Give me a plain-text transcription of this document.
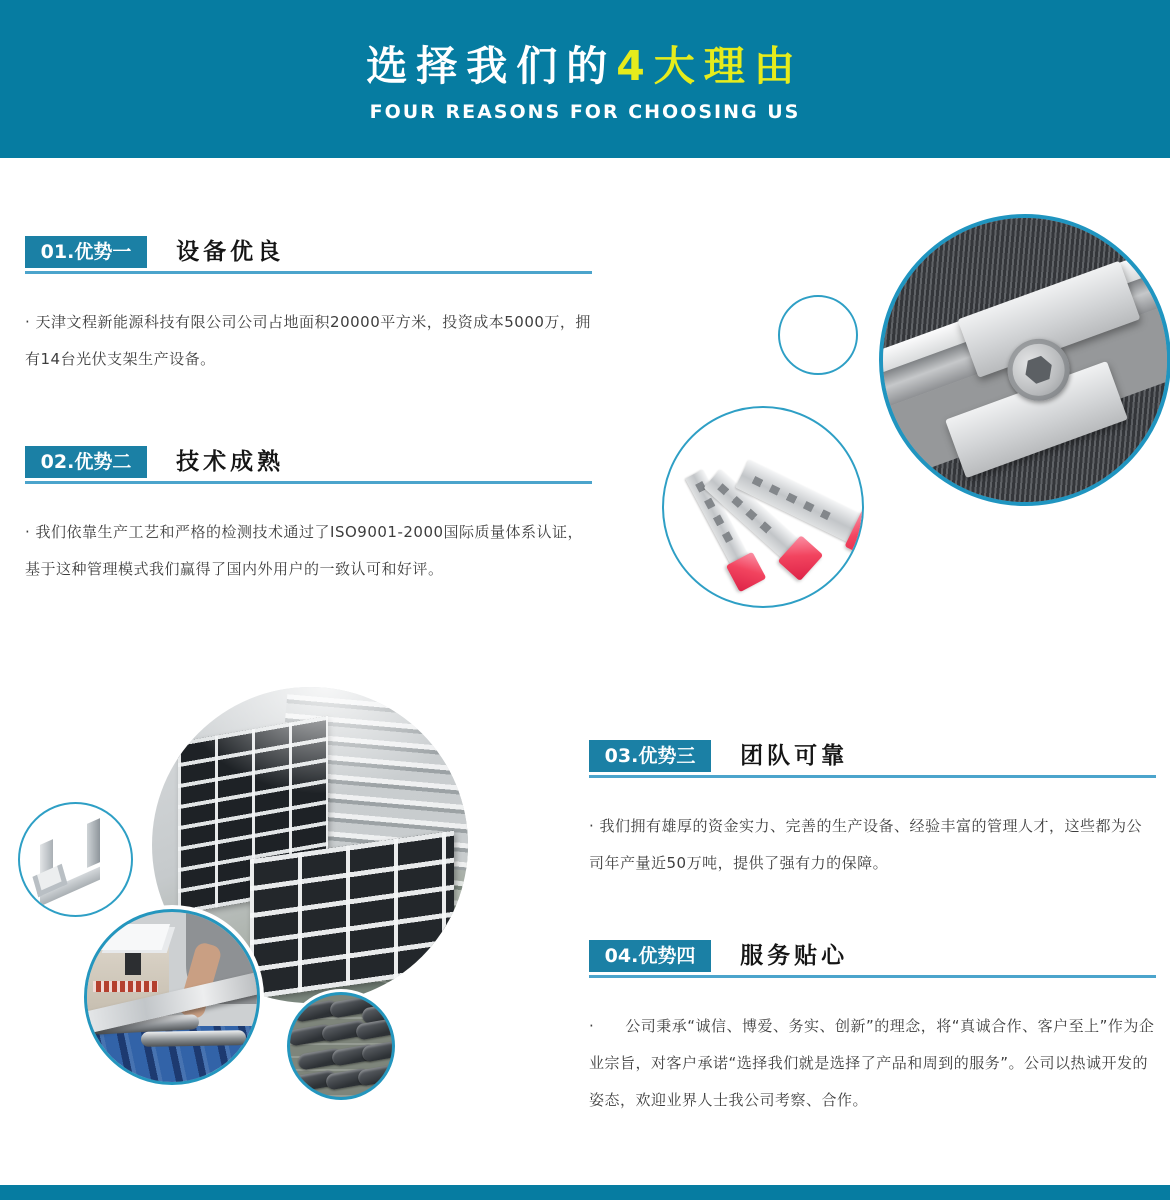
选择我们的4大理由
FOUR REASONS FOR CHOOSING US
01.优势一 设备优良

· 天津文程新能源科技有限公司公司占地面积20000平方米，投资成本5000万，拥有14台光伏支架生产设备。

02.优势二 技术成熟

· 我们依靠生产工艺和严格的检测技术通过了ISO9001-2000国际质量体系认证，基于这种管理模式我们赢得了国内外用户的一致认可和好评。

03.优势三 团队可靠

· 我们拥有雄厚的资金实力、完善的生产设备、经验丰富的管理人才，这些都为公司年产量近50万吨，提供了强有力的保障。

04.优势四 服务贴心

·　　公司秉承“诚信、博爱、务实、创新”的理念，将“真诚合作、客户至上”作为企业宗旨，对客户承诺“选择我们就是选择了产品和周到的服务”。公司以热诚开发的姿态，欢迎业界人士我公司考察、合作。
